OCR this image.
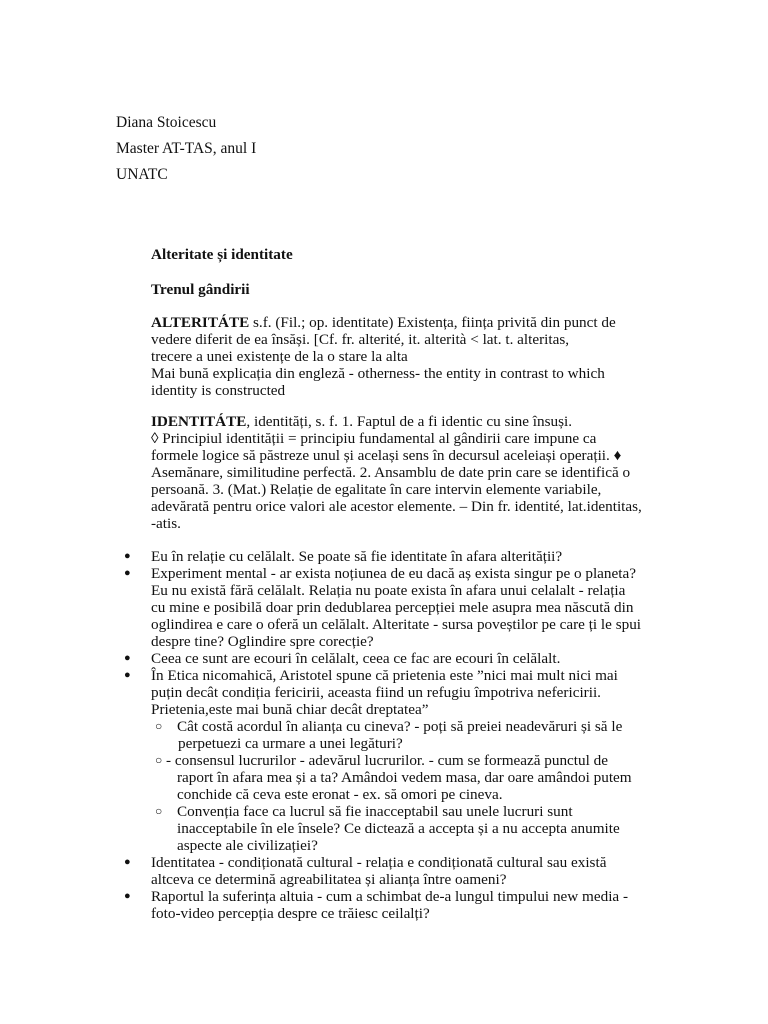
Diana Stoicescu
Master AT-TAS, anul I
UNATC
Alteritate și identitate
Trenul gândirii
ALTERITÁTE s.f. (Fil.; op. identitate) Existența, ființa privită din punct de
vedere diferit de ea însăși. [Cf. fr. alterité, it. alterità < lat. t. alteritas,
trecere a unei existențe de la o stare la alta
Mai bună explicația din engleză - otherness- the entity in contrast to which
identity is constructed
IDENTITÁTE, identități, s. f. 1. Faptul de a fi identic cu sine însuși.
◊ Principiul identității = principiu fundamental al gândirii care impune ca
formele logice să păstreze unul și același sens în decursul aceleiași operații. ♦
Asemănare, similitudine perfectă. 2. Ansamblu de date prin care se identifică o
persoană. 3. (Mat.) Relație de egalitate în care intervin elemente variabile,
adevărată pentru orice valori ale acestor elemente. – Din fr. identité, lat.identitas,
-atis.
●	Eu în relație cu celălalt. Se poate să fie identitate în afara alterității?
●	Experiment mental - ar exista noțiunea de eu dacă aș exista singur pe o planeta?
Eu nu există fără celălalt. Relația nu poate exista în afara unui celalalt - relația
cu mine e posibilă doar prin dedublarea percepției mele asupra mea născută din
oglindirea e care o oferă un celălalt. Alteritate - sursa poveștilor pe care ți le spui
despre tine? Oglindire spre corecție?
●	Ceea ce sunt are ecouri în celălalt, ceea ce fac are ecouri în celălalt.
●	În Etica nicomahică, Aristotel spune că prietenia este ”nici mai mult nici mai
puțin decât condiția fericirii, aceasta fiind un refugiu împotriva nefericirii.
Prietenia,este mai bună chiar decât dreptatea”
○ Cât costă acordul în alianța cu cineva? - poți să preiei neadevăruri și să le
perpetuezi ca urmare a unei legături?
○ - consensul lucrurilor - adevărul lucrurilor. - cum se formează punctul de
raport în afara mea și a ta? Amândoi vedem masa, dar oare amândoi putem
conchide că ceva este eronat - ex. să omori pe cineva.
○ Convenția face ca lucrul să fie inacceptabil sau unele lucruri sunt
inacceptabile în ele însele? Ce dictează a accepta și a nu accepta anumite
aspecte ale civilizației?
●	Identitatea - condiționată cultural - relația e condiționată cultural sau există
altceva ce determină agreabilitatea și alianța între oameni?
●	Raportul la suferința altuia - cum a schimbat de-a lungul timpului new media -
foto-video percepția despre ce trăiesc ceilalți?
